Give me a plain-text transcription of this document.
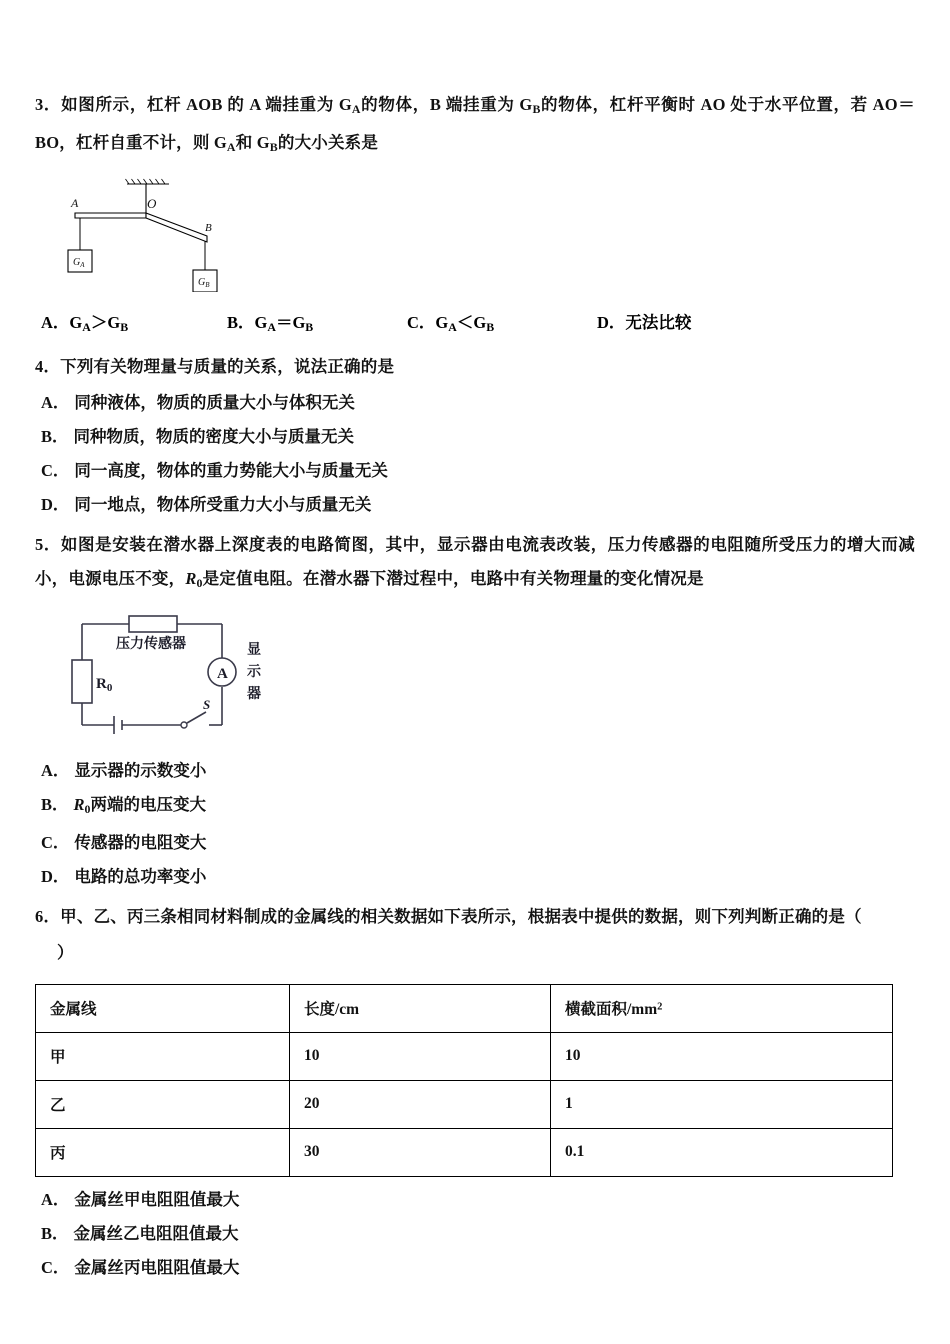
3．如图所示，杠杆 AOB 的 A 端挂重为 $G_A$的物体，B 端挂重为 $G_B$的物体，杠杆平衡时 AO 处于水平位置，若 AO＝BO，杠杆自重不计，则 $G_A$和 $G_B$的大小关系是
A	O
B
$G_A$
$G_B$
A．$G_A>G_B$	B．$G_A=G_B$	C．$G_A<G_B$	D．无法比较
4．下列有关物理量与质量的关系，说法正确的是
A． 同种液体，物质的质量大小与体积无关
B． 同种物质，物质的密度大小与质量无关
C． 同一高度，物体的重力势能大小与质量无关
D． 同一地点，物体所受重力大小与质量无关
5．如图是安装在潜水器上深度表的电路简图，其中，显示器由电流表改装，压力传感器的电阻随所受压力的增大而减小，电源电压不变，$R_0$是定值电阻。在潜水器下潜过程中，电路中有关物理量的变化情况是
A
S
$R_0$
压力传感器	显
示
器
A． 显示器的示数变小
B． $R_0$两端的电压变大
C． 传感器的电阻变大
D． 电路的总功率变小
6．甲、乙、丙三条相同材料制成的金属线的相关数据如下表所示，根据表中提供的数据，则下列判断正确的是（
）
金属线	长度/cm	横截面积$/mm^2$
甲	10	10
乙	20	1
丙	30	0.1
A． 金属丝甲电阻阻值最大
B． 金属丝乙电阻阻值最大
C． 金属丝丙电阻阻值最大
